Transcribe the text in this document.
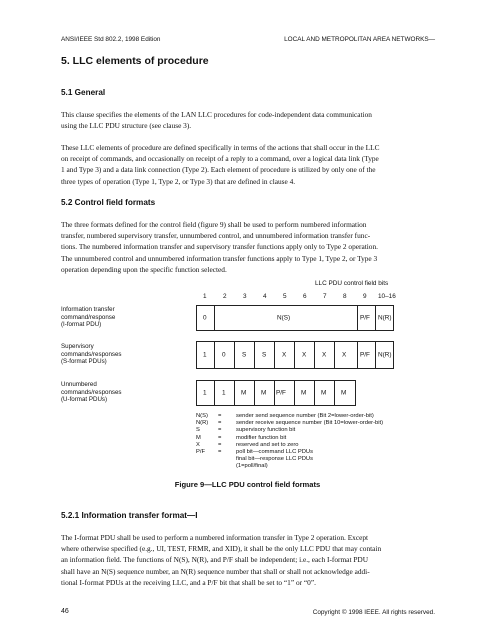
ANSI/IEEE Std 802.2, 1998 Edition	LOCAL AND METROPOLITAN AREA NETWORKS—
5. LLC elements of procedure
5.1 General
This clause specifies the elements of the LAN LLC procedures for code-independent data communication
using the LLC PDU structure (see clause 3).
These LLC elements of procedure are defined specifically in terms of the actions that shall occur in the LLC
on receipt of commands, and occasionally on receipt of a reply to a command, over a logical data link (Type
1 and Type 3) and a data link connection (Type 2). Each element of procedure is utilized by only one of the
three types of operation (Type 1, Type 2, or Type 3) that are defined in clause 4.
5.2 Control field formats
The three formats defined for the control field (figure 9) shall be used to perform numbered information
transfer, numbered supervisory transfer, unnumbered control, and unnumbered information transfer func-
tions. The numbered information transfer and supervisory transfer functions apply only to Type 2 operation.
The unnumbered control and unnumbered information transfer functions apply to Type 1, Type 2, or Type 3
operation depending upon the specific function selected.
LLC PDU control field bits
1	2	3	4	5	6	7	8	9 10–16
Information transfer
command/response
(I-format PDU)
0	N(S)	P/F N(R)
Supervisory
commands/responses
(S-format PDUs)
1 0	S S X X X X P/F N(R)
Unnumbered
commands/responses
(U-format PDUs)
1 1 M M P/F M M M
N(S) =	sender send sequence number (Bit 2=lower-order-bit)
N(R) =	sender receive sequence number (Bit 10=lower-order-bit)
S	=	supervisory function bit
M	=	modifier function bit
X	=	reserved and set to zero
P/F =	poll bit—command LLC PDUs
final bit—response LLC PDUs
(1=poll/final)
Figure 9—LLC PDU control field formats
5.2.1 Information transfer format—I
The I-format PDU shall be used to perform a numbered information transfer in Type 2 operation. Except
where otherwise specified (e.g., UI, TEST, FRMR, and XID), it shall be the only LLC PDU that may contain
an information field. The functions of N(S), N(R), and P/F shall be independent; i.e., each I-format PDU
shall have an N(S) sequence number, an N(R) sequence number that shall or shall not acknowledge addi-
tional I-format PDUs at the receiving LLC, and a P/F bit that shall be set to “1” or “0”.
46	Copyright © 1998 IEEE. All rights reserved.
